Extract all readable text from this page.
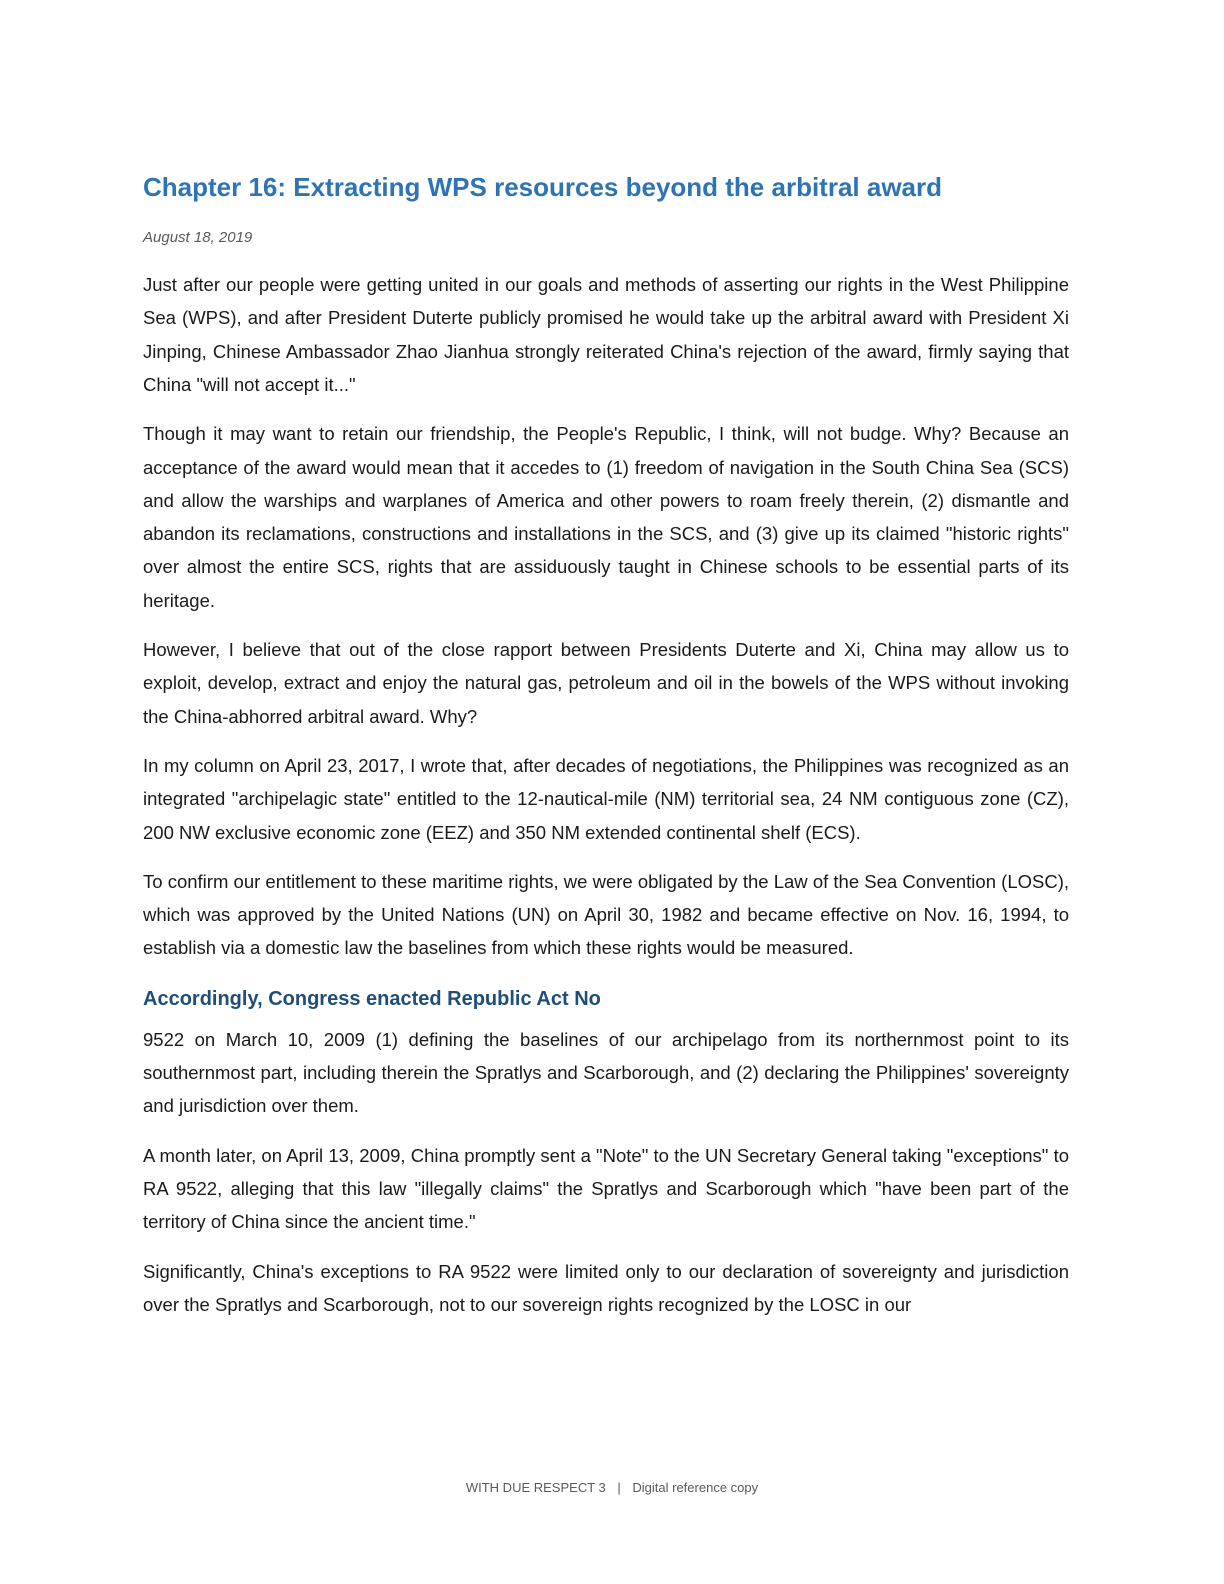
Chapter 16: Extracting WPS resources beyond the arbitral award
August 18, 2019

Just after our people were getting united in our goals and methods of asserting our rights in the West Philippine Sea (WPS), and after President Duterte publicly promised he would take up the arbitral award with President Xi Jinping, Chinese Ambassador Zhao Jianhua strongly reiterated China's rejection of the award, firmly saying that China "will not accept it..."

Though it may want to retain our friendship, the People's Republic, I think, will not budge. Why? Because an acceptance of the award would mean that it accedes to (1) freedom of navigation in the South China Sea (SCS) and allow the warships and warplanes of America and other powers to roam freely therein, (2) dismantle and abandon its reclamations, constructions and installations in the SCS, and (3) give up its claimed "historic rights" over almost the entire SCS, rights that are assiduously taught in Chinese schools to be essential parts of its heritage.

However, I believe that out of the close rapport between Presidents Duterte and Xi, China may allow us to exploit, develop, extract and enjoy the natural gas, petroleum and oil in the bowels of the WPS without invoking the China-abhorred arbitral award. Why?

In my column on April 23, 2017, I wrote that, after decades of negotiations, the Philippines was recognized as an integrated "archipelagic state" entitled to the 12-nautical-mile (NM) territorial sea, 24 NM contiguous zone (CZ), 200 NW exclusive economic zone (EEZ) and 350 NM extended continental shelf (ECS).

To confirm our entitlement to these maritime rights, we were obligated by the Law of the Sea Convention (LOSC), which was approved by the United Nations (UN) on April 30, 1982 and became effective on Nov. 16, 1994, to establish via a domestic law the baselines from which these rights would be measured.

Accordingly, Congress enacted Republic Act No

9522 on March 10, 2009 (1) defining the baselines of our archipelago from its northernmost point to its southernmost part, including therein the Spratlys and Scarborough, and (2) declaring the Philippines' sovereignty and jurisdiction over them.

A month later, on April 13, 2009, China promptly sent a "Note" to the UN Secretary General taking "exceptions" to RA 9522, alleging that this law "illegally claims" the Spratlys and Scarborough which "have been part of the territory of China since the ancient time."

Significantly, China's exceptions to RA 9522 were limited only to our declaration of sovereignty and jurisdiction over the Spratlys and Scarborough, not to our sovereign rights recognized by the LOSC in our

WITH DUE RESPECT 3 | Digital reference copy
